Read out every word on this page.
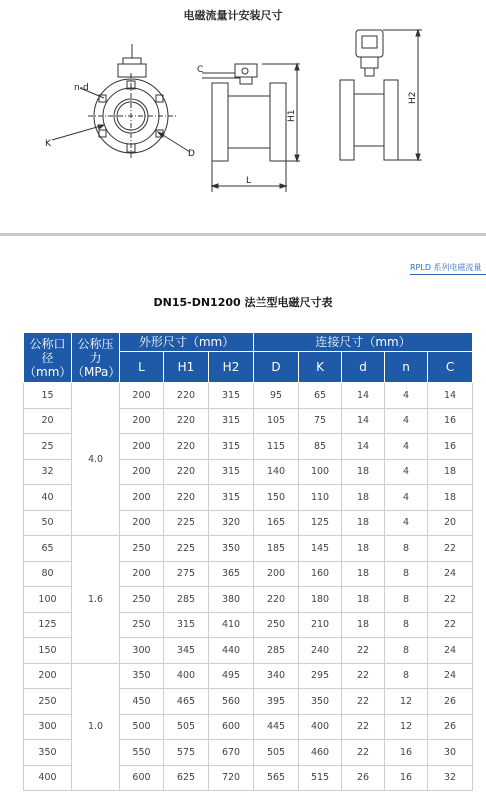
电磁流量计安装尺寸
n-d
K
D
C
L
H1
H2
RPLD 系列电磁流量
DN15-DN1200 法兰型电磁尺寸表
公称口径（mm）	公称压力（MPa）	外形尺寸（mm）			连接尺寸（mm）				
		L	H1	H2	D	K	d	n	C
15	4.0	200	220	315	95	65	14	4	14
20		200	220	315	105	75	14	4	16
25		200	220	315	115	85	14	4	16
32		200	220	315	140	100	18	4	18
40		200	220	315	150	110	18	4	18
50		200	225	320	165	125	18	4	20
65	1.6	250	225	350	185	145	18	8	22
80		200	275	365	200	160	18	8	24
100		250	285	380	220	180	18	8	22
125		250	315	410	250	210	18	8	22
150		300	345	440	285	240	22	8	24
200	1.0	350	400	495	340	295	22	8	24
250		450	465	560	395	350	22	12	26
300		500	505	600	445	400	22	12	26
350		550	575	670	505	460	22	16	30
400		600	625	720	565	515	26	16	32
